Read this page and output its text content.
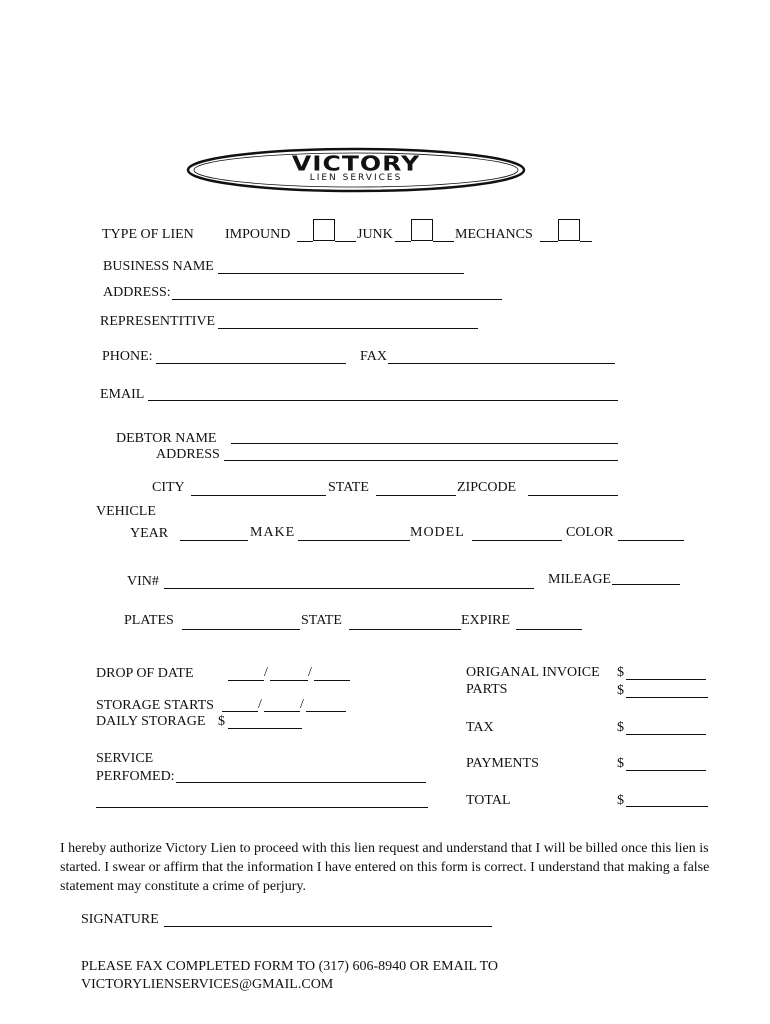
VICTORY
LIEN SERVICES
TYPE OF LIEN IMPOUND	JUNK	MECHANCS
BUSINESS NAME
ADDRESS:
REPRESENTITIVE
PHONE:	FAX
EMAIL
DEBTOR NAME
ADDRESS
CITY	STATE	ZIPCODE
VEHICLE
YEAR	MAKE	MODEL	COLOR
VIN#	MILEAGE
PLATES	STATE	EXPIRE
DROP OF DATE	/	/
STORAGE STARTS	/	/
DAILY STORAGE $
SERVICE
PERFOMED:
ORIGANAL INVOICE $
PARTS	$
TAX	$
PAYMENTS	$
TOTAL	$
I hereby authorize Victory Lien to proceed with this lien request and understand that I will be billed once this lien is started. I swear or affirm that the information I have entered on this form is correct. I understand that making a false statement may constitute a crime of perjury.
SIGNATURE
PLEASE FAX COMPLETED FORM TO (317) 606-8940 OR EMAIL TO
VICTORYLIENSERVICES@GMAIL.COM
